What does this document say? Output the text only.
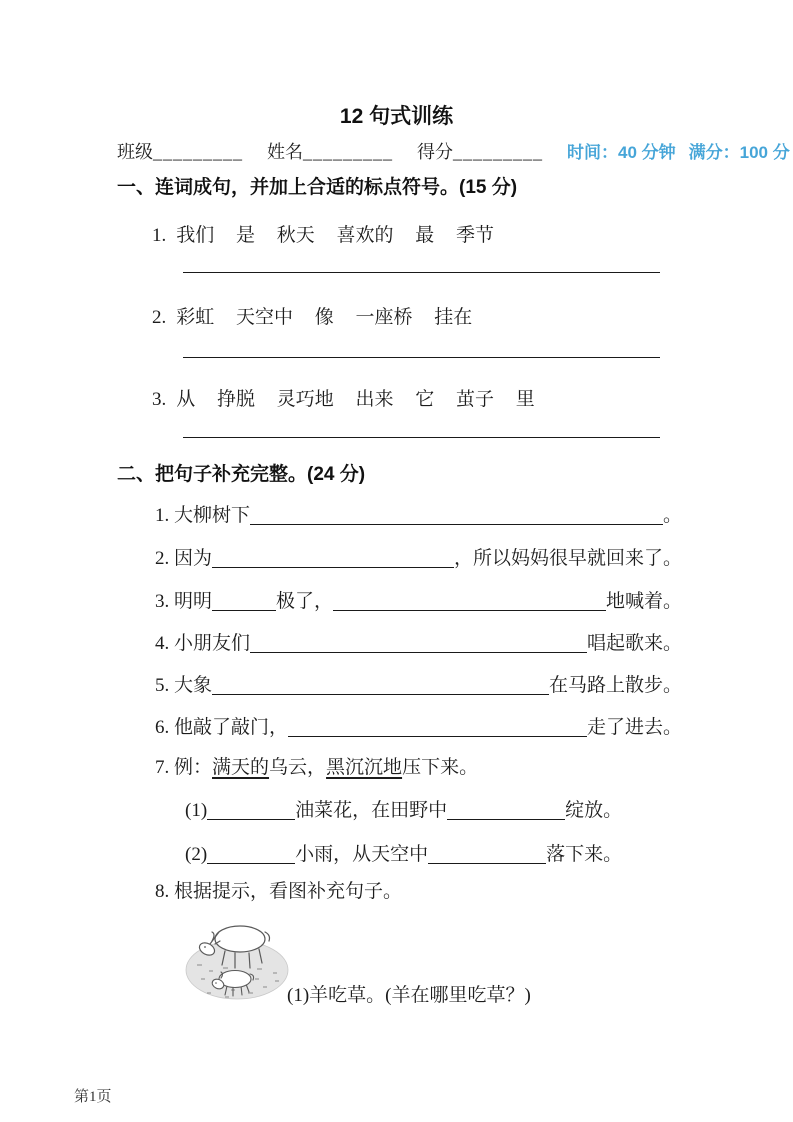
12 句式训练
班级 _________ 姓名 _________ 得分 _________ 时间：40 分钟 满分：100 分
一、连词成句，并加上合适的标点符号。(15 分)
1. 我们 是 秋天 喜欢的 最 季节
2. 彩虹 天空中 像 一座桥 挂在
3. 从 挣脱 灵巧地 出来 它 茧子 里
二、把句子补充完整。(24 分)
1. 大柳树下	。
2. 因为	，所以妈妈很早就回来了。
3. 明明	极了，	地喊着。
4. 小朋友们	唱起歌来。
5. 大象	在马路上散步。
6. 他敲了敲门，	走了进去。
7. 例： 满天的 乌云， 黑沉沉地 压下来。
(1)	油菜花，在田野中	绽放。
(2)	小雨，从天空中	落下来。
8. 根据提示，看图补充句子。
(1)羊吃草。(羊在哪里吃草？)
第1页
